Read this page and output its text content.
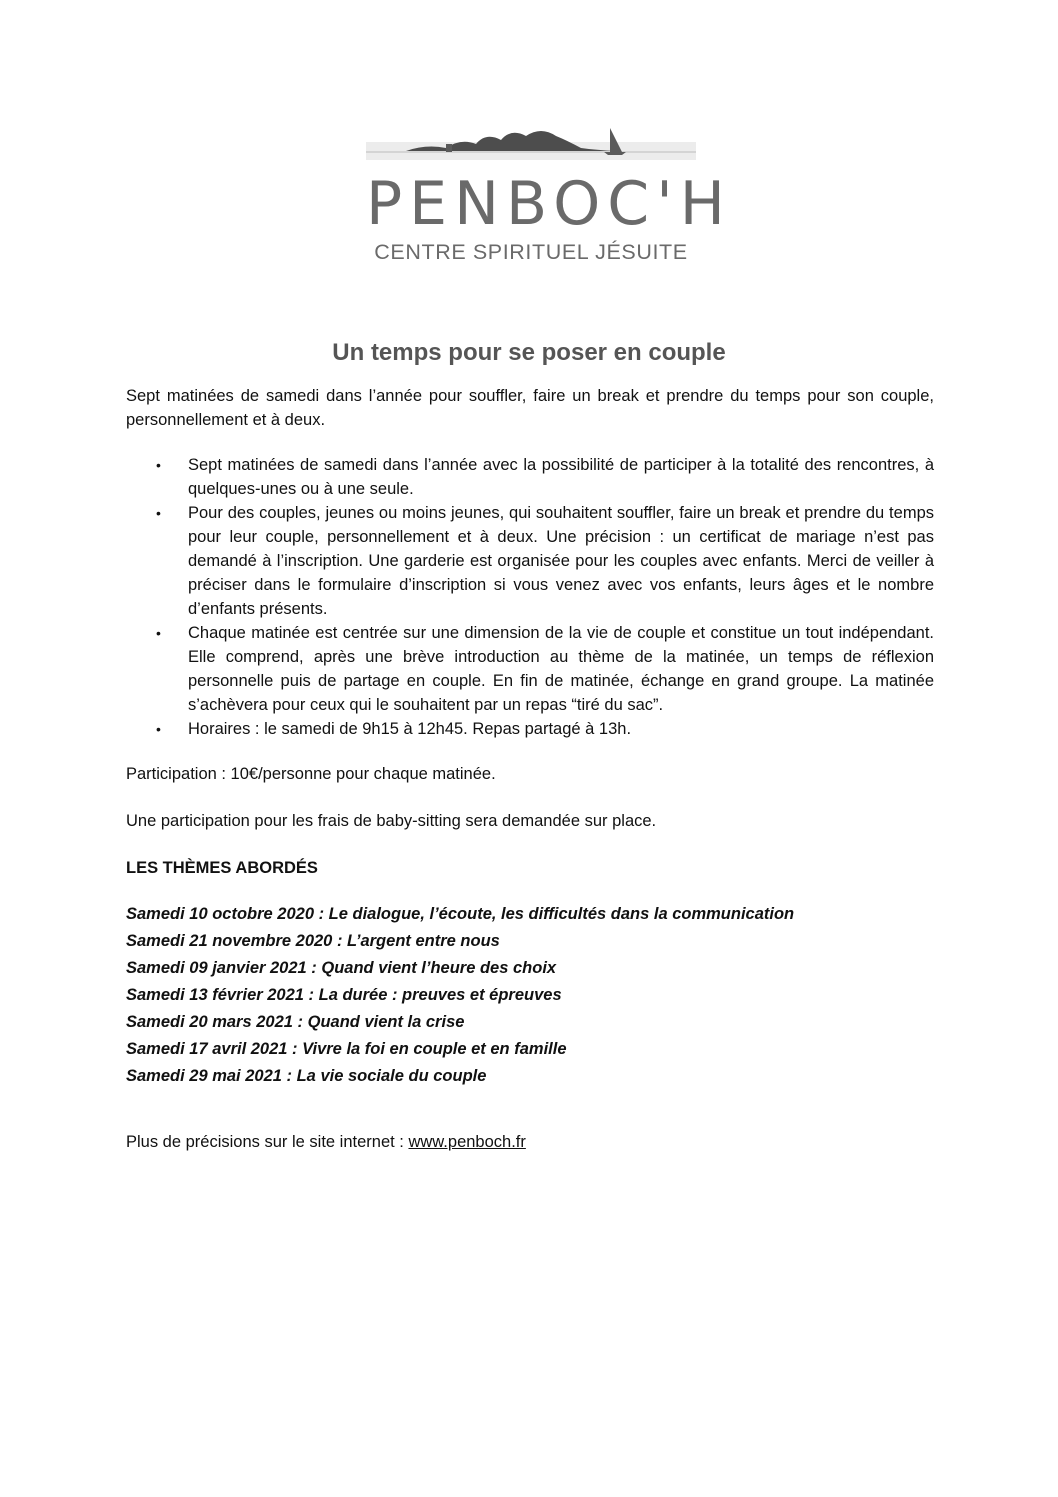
PENBOC'H
CENTRE SPIRITUEL JÉSUITE
Un temps pour se poser en couple

Sept matinées de samedi dans l’année pour souffler, faire un break et prendre du temps pour son couple, personnellement et à deux.

• Sept matinées de samedi dans l’année avec la possibilité de participer à la totalité des rencontres, à quelques-unes ou à une seule.
• Pour des couples, jeunes ou moins jeunes, qui souhaitent souffler, faire un break et prendre du temps pour leur couple, personnellement et à deux. Une précision : un certificat de mariage n’est pas demandé à l’inscription. Une garderie est organisée pour les couples avec enfants. Merci de veiller à préciser dans le formulaire d’inscription si vous venez avec vos enfants, leurs âges et le nombre d’enfants présents.
• Chaque matinée est centrée sur une dimension de la vie de couple et constitue un tout indépendant. Elle comprend, après une brève introduction au thème de la matinée, un temps de réflexion personnelle puis de partage en couple. En fin de matinée, échange en grand groupe. La matinée s’achèvera pour ceux qui le souhaitent par un repas “tiré du sac”.
• Horaires : le samedi de 9h15 à 12h45. Repas partagé à 13h.

Participation : 10€/personne pour chaque matinée.

Une participation pour les frais de baby-sitting sera demandée sur place.

LES THÈMES ABORDÉS

Samedi 10 octobre 2020 : Le dialogue, l’écoute, les difficultés dans la communication
Samedi 21 novembre 2020 : L’argent entre nous
Samedi 09 janvier 2021 : Quand vient l’heure des choix
Samedi 13 février 2021 : La durée : preuves et épreuves
Samedi 20 mars 2021 : Quand vient la crise
Samedi 17 avril 2021 : Vivre la foi en couple et en famille
Samedi 29 mai 2021 : La vie sociale du couple

Plus de précisions sur le site internet : www.penboch.fr
